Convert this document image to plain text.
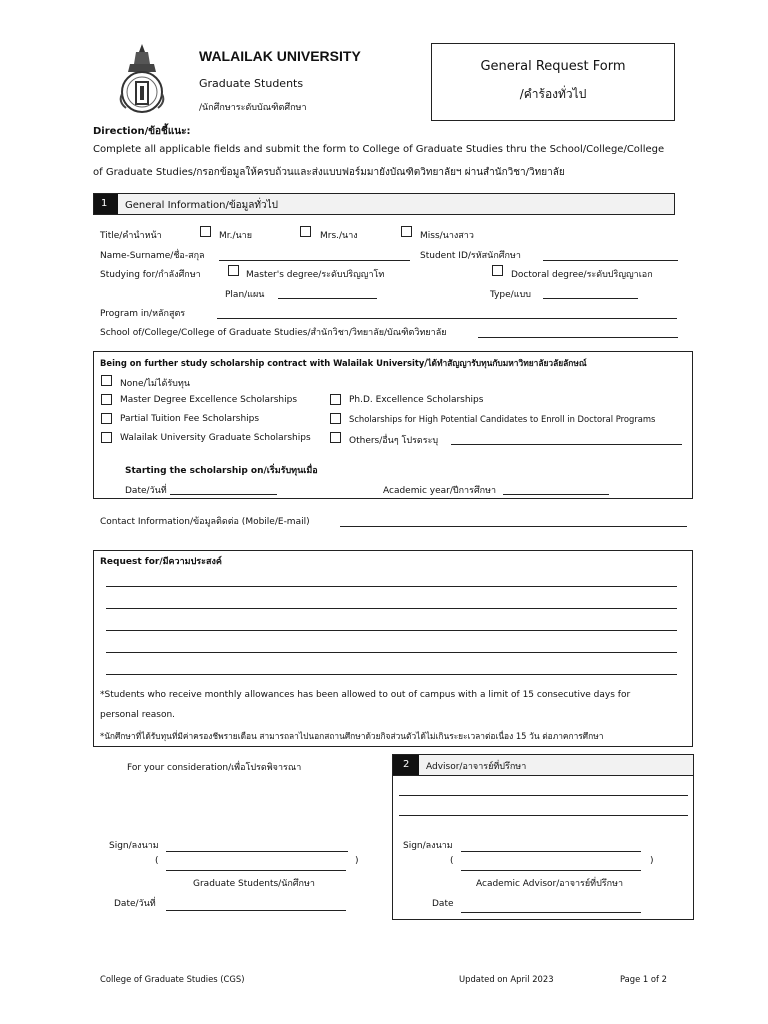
WALAILAK UNIVERSITY
Graduate Students
/นักศึกษาระดับบัณฑิตศึกษา
General Request Form
/คำร้องทั่วไป
Direction/ข้อชี้แนะ:
Complete all applicable fields and submit the form to College of Graduate Studies thru the School/College/College
of Graduate Studies/กรอกข้อมูลให้ครบถ้วนและส่งแบบฟอร์มมายังบัณฑิตวิทยาลัยฯ ผ่านสำนักวิชา/วิทยาลัย
1 General Information/ข้อมูลทั่วไป
Title/คำนำหน้า	Mr./นาย	Mrs./นาง	Miss/นางสาว
Name-Surname/ชื่อ-สกุล	Student ID/รหัสนักศึกษา
Studying for/กำลังศึกษา	Master's degree/ระดับปริญญาโท	Doctoral degree/ระดับปริญญาเอก
Plan/แผน	Type/แบบ
Program in/หลักสูตร
School of/College/College of Graduate Studies/สำนักวิชา/วิทยาลัย/บัณฑิตวิทยาลัย
Being on further study scholarship contract with Walailak University/ได้ทำสัญญารับทุนกับมหาวิทยาลัยวลัยลักษณ์
None/ไม่ได้รับทุน
Master Degree Excellence Scholarships	Ph.D. Excellence Scholarships
Partial Tuition Fee Scholarships	Scholarships for High Potential Candidates to Enroll in Doctoral Programs
Walailak University Graduate Scholarships	Others/อื่นๆ โปรดระบุ
Starting the scholarship on/เริ่มรับทุนเมื่อ
Date/วันที่	Academic year/ปีการศึกษา
Contact Information/ข้อมูลติดต่อ (Mobile/E-mail)
Request for/มีความประสงค์
*Students who receive monthly allowances has been allowed to out of campus with a limit of 15 consecutive days for
personal reason.
*นักศึกษาที่ได้รับทุนที่มีค่าครองชีพรายเดือน สามารถลาไปนอกสถานศึกษาด้วยกิจส่วนตัวได้ไม่เกินระยะเวลาต่อเนื่อง 15 วัน ต่อภาคการศึกษา
For your consideration/เพื่อโปรดพิจารณา
Sign/ลงนาม
(	)
Graduate Students/นักศึกษา
Date/วันที่
2 Advisor/อาจารย์ที่ปรึกษา
Sign/ลงนาม
(	)
Academic Advisor/อาจารย์ที่ปรึกษา
Date
College of Graduate Studies (CGS)	Updated on April 2023	Page 1 of 2
